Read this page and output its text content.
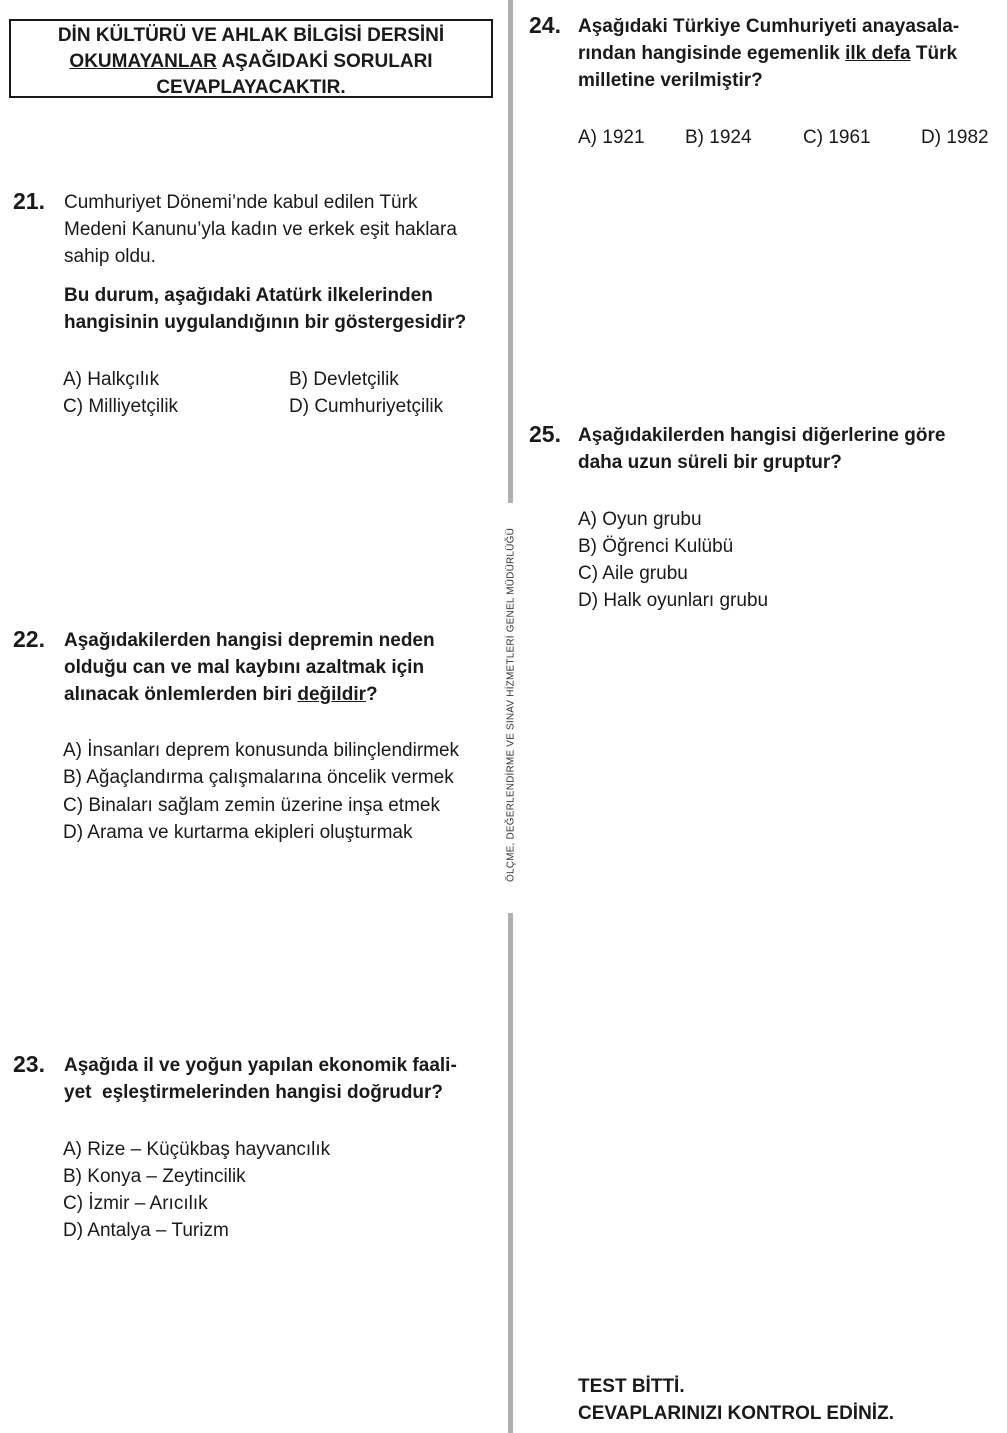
DİN KÜLTÜRÜ VE AHLAK BİLGİSİ DERSİNİ
OKUMAYANLAR AŞAĞIDAKİ SORULARI
CEVAPLAYACAKTIR.
ÖLÇME, DEĞERLENDİRME VE SINAV HİZMETLERİ GENEL MÜDÜRLÜĞÜ
21. Cumhuriyet Dönemi’nde kabul edilen Türk
Medeni Kanunu’yla kadın ve erkek eşit haklara
sahip oldu.
Bu durum, aşağıdaki Atatürk ilkelerinden
hangisinin uygulandığının bir göstergesidir?
A) Halkçılık	B) Devletçilik
C) Milliyetçilik	D) Cumhuriyetçilik
22. Aşağıdakilerden hangisi depremin neden
olduğu can ve mal kaybını azaltmak için
alınacak önlemlerden biri değildir?
A) İnsanları deprem konusunda bilinçlendirmek
B) Ağaçlandırma çalışmalarına öncelik vermek
C) Binaları sağlam zemin üzerine inşa etmek
D) Arama ve kurtarma ekipleri oluşturmak
23. Aşağıda il ve yoğun yapılan ekonomik faali-
yet  eşleştirmelerinden hangisi doğrudur?
A) Rize – Küçükbaş hayvancılık
B) Konya – Zeytincilik
C) İzmir – Arıcılık
D) Antalya – Turizm
24. Aşağıdaki Türkiye Cumhuriyeti anayasala-
rından hangisinde egemenlik ilk defa Türk
milletine verilmiştir?
A) 1921 B) 1924	C) 1961	D) 1982
25. Aşağıdakilerden hangisi diğerlerine göre
daha uzun süreli bir gruptur?
A) Oyun grubu
B) Öğrenci Kulübü
C) Aile grubu
D) Halk oyunları grubu
TEST BİTTİ.
CEVAPLARINIZI KONTROL EDİNİZ.
